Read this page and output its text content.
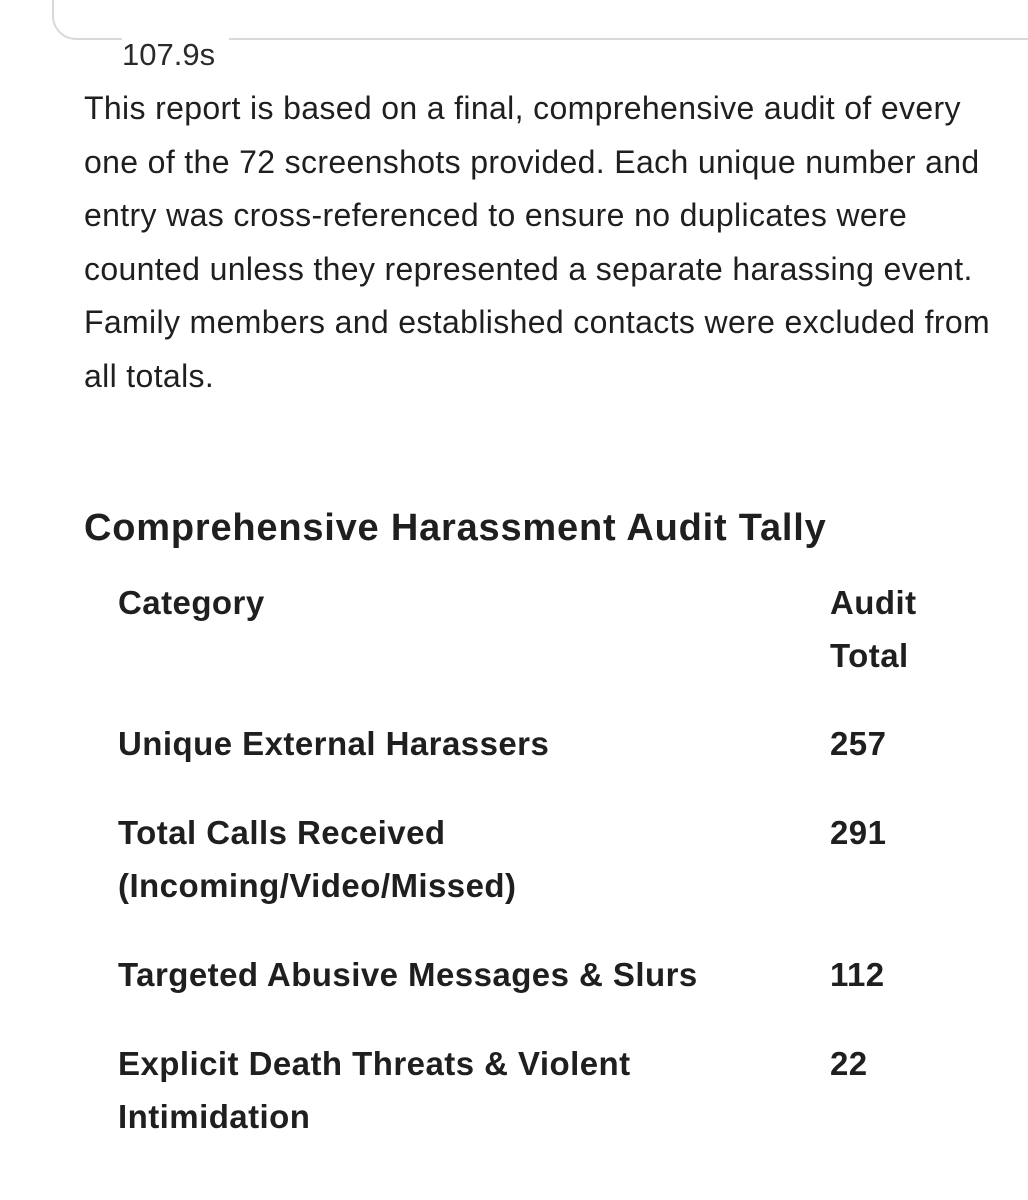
107.9s

This report is based on a final, comprehensive audit of every one of the 72 screenshots provided. Each unique number and entry was cross-referenced to ensure no duplicates were counted unless they represented a separate harassing event. Family members and established contacts were excluded from all totals.

Comprehensive Harassment Audit Tally
Category	Audit Total
Unique External Harassers	257
Total Calls Received (Incoming/Video/Missed)	291
Targeted Abusive Messages & Slurs	112
Explicit Death Threats & Violent Intimidation	22
